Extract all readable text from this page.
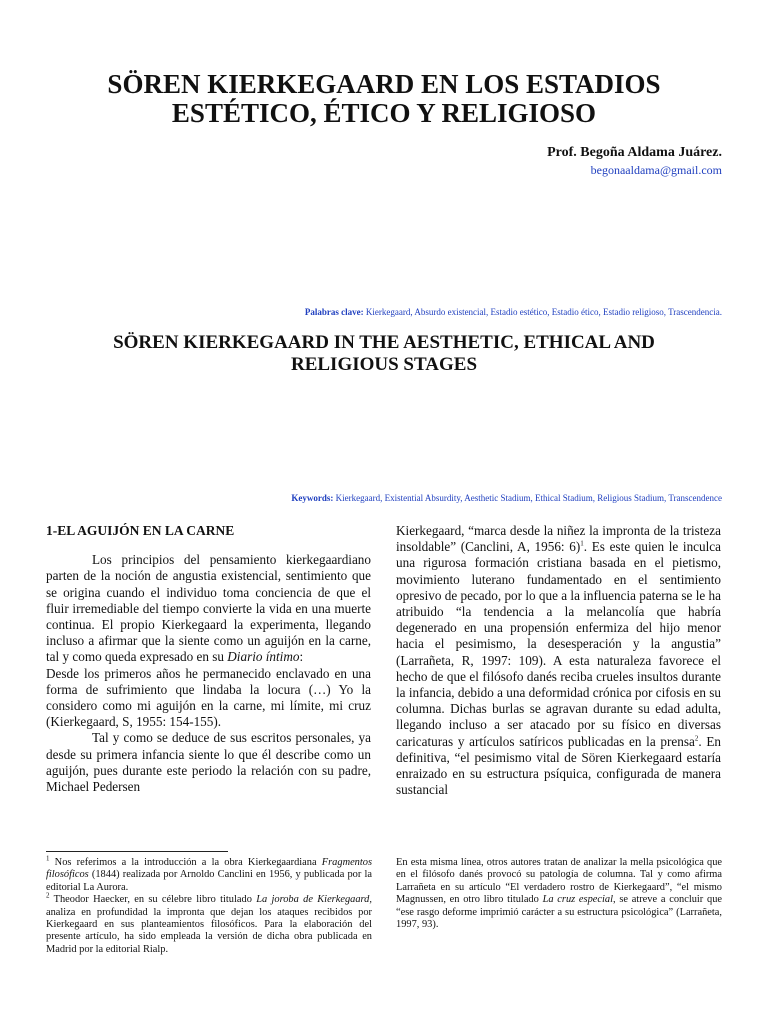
SÖREN KIERKEGAARD EN LOS ESTADIOS
ESTÉTICO, ÉTICO Y RELIGIOSO
Prof. Begoña Aldama Juárez.
begonaaldama@gmail.com
Palabras clave: Kierkegaard, Absurdo existencial, Estadio estético, Estadio ético, Estadio religioso, Trascendencia.
SÖREN KIERKEGAARD IN THE AESTHETIC, ETHICAL AND
RELIGIOUS STAGES
Keywords: Kierkegaard, Existential Absurdity, Aesthetic Stadium, Ethical Stadium, Religious Stadium, Transcendence

1-EL AGUIJÓN EN LA CARNE

Los principios del pensamiento kierkegaardiano parten de la noción de angustia existencial, sentimiento que se origina cuando el individuo toma conciencia de que el fluir irremediable del tiempo convierte la vida en una muerte continua. El propio Kierkegaard la experimenta, llegando incluso a afirmar que la siente como un aguijón en la carne, tal y como queda expresado en su Diario íntimo:

Desde los primeros años he permanecido enclavado en una forma de sufrimiento que lindaba la locura (…) Yo la considero como mi aguijón en la carne, mi límite, mi cruz (Kierkegaard, S, 1955: 154-155).

Tal y como se deduce de sus escritos personales, ya desde su primera infancia siente lo que él describe como un aguijón, pues durante este periodo la relación con su padre, Michael Pedersen

Kierkegaard, “marca desde la niñez la impronta de la tristeza insoldable” (Canclini, A, 1956: 6)$^1$. Es este quien le inculca una rigurosa formación cristiana basada en el pietismo, movimiento luterano fundamentado en el sentimiento opresivo de pecado, por lo que a la influencia paterna se le ha atribuido “la tendencia a la melancolía que habría degenerado en una propensión enfermiza del hijo menor hacia el pesimismo, la desesperación y la angustia” (Larrañeta, R, 1997: 109). A esta naturaleza favorece el hecho de que el filósofo danés reciba crueles insultos durante la infancia, debido a una deformidad crónica por cifosis en su columna. Dichas burlas se agravan durante su edad adulta, llegando incluso a ser atacado por su físico en diversas caricaturas y artículos satíricos publicadas en la prensa$^2$. En definitiva, “el pesimismo vital de Sören Kierkegaard estaría enraizado en su estructura psíquica, configurada de manera sustancial

$^1$ Nos referimos a la introducción a la obra Kierkegaardiana Fragmentos filosóficos (1844) realizada por Arnoldo Canclini en 1956, y publicada por la editorial La Aurora.

$^2$ Theodor Haecker, en su célebre libro titulado La joroba de Kierkegaard, analiza en profundidad la impronta que dejan los ataques recibidos por Kierkegaard en sus planteamientos filosóficos. Para la elaboración del presente artículo, ha sido empleada la versión de dicha obra publicada en Madrid por la editorial Rialp.

En esta misma línea, otros autores tratan de analizar la mella psicológica que en el filósofo danés provocó su patología de columna. Tal y como afirma Larrañeta en su artículo “El verdadero rostro de Kierkegaard”, “el mismo Magnussen, en otro libro titulado La cruz especial, se atreve a concluir que “ese rasgo deforme imprimió carácter a su estructura psicológica” (Larrañeta, 1997, 93).
